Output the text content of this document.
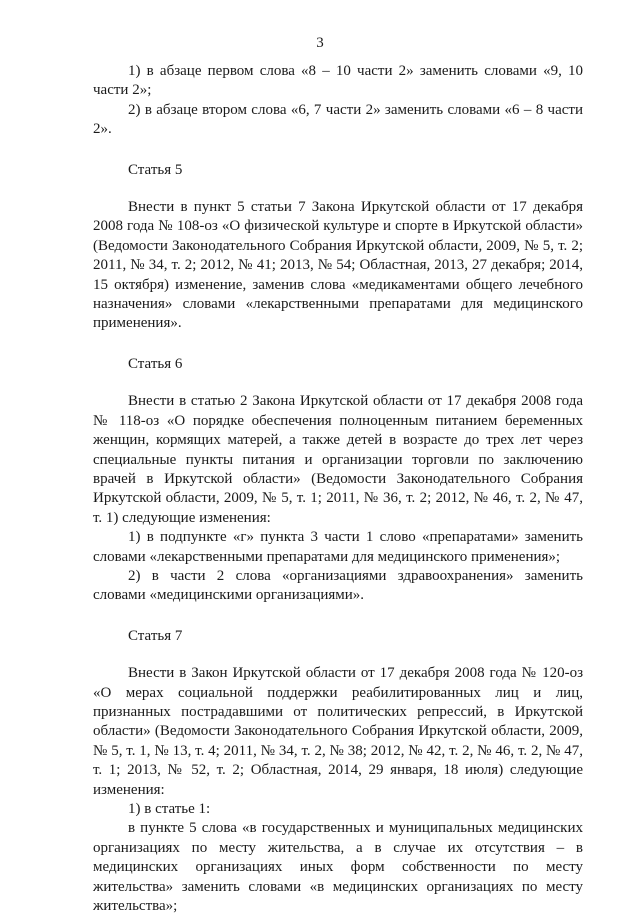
3

1) в абзаце первом слова «8 – 10 части 2» заменить словами «9, 10 части 2»;

2) в абзаце втором слова «6, 7 части 2» заменить словами «6 – 8 части 2».

Статья 5

Внести в пункт 5 статьи 7 Закона Иркутской области от 17 декабря 2008 года № 108-оз «О физической культуре и спорте в Иркутской области» (Ведомости Законодательного Собрания Иркутской области, 2009, № 5, т. 2; 2011, № 34, т. 2; 2012, № 41; 2013, № 54; Областная, 2013, 27 декабря; 2014, 15 октября) изменение, заменив слова «медикаментами общего лечебного назначения» словами «лекарственными препаратами для медицинского применения».

Статья 6

Внести в статью 2 Закона Иркутской области от 17 декабря 2008 года № 118-оз «О порядке обеспечения полноценным питанием беременных женщин, кормящих матерей, а также детей в возрасте до трех лет через специальные пункты питания и организации торговли по заключению врачей в Иркутской области» (Ведомости Законодательного Собрания Иркутской области, 2009, № 5, т. 1; 2011, № 36, т. 2; 2012, № 46, т. 2, № 47, т. 1) следующие изменения:

1) в подпункте «г» пункта 3 части 1 слово «препаратами» заменить словами «лекарственными препаратами для медицинского применения»;

2) в части 2 слова «организациями здравоохранения» заменить словами «медицинскими организациями».

Статья 7

Внести в Закон Иркутской области от 17 декабря 2008 года № 120-оз «О мерах социальной поддержки реабилитированных лиц и лиц, признанных пострадавшими от политических репрессий, в Иркутской области» (Ведомости Законодательного Собрания Иркутской области, 2009, № 5, т. 1, № 13, т. 4; 2011, № 34, т. 2, № 38; 2012, № 42, т. 2, № 46, т. 2, № 47, т. 1; 2013, № 52, т. 2; Областная, 2014, 29 января, 18 июля) следующие изменения:

1) в статье 1:

в пункте 5 слова «в государственных и муниципальных медицинских организациях по месту жительства, а в случае их отсутствия – в медицинских организациях иных форм собственности по месту жительства» заменить словами «в медицинских организациях по месту жительства»;
